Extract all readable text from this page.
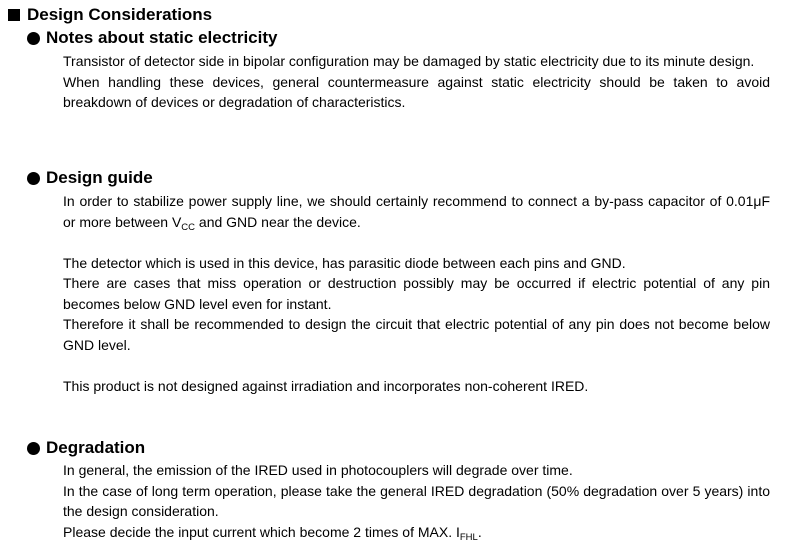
Design Considerations
Notes about static electricity

Transistor of detector side in bipolar configuration may be damaged by static electricity due to its minute design.

When handling these devices, general countermeasure against static electricity should be taken to avoid breakdown of devices or degradation of characteristics.

Design guide

In order to stabilize power supply line, we should certainly recommend to connect a by-pass capacitor of 0.01μF or more between $V_{CC}$ and GND near the device.

The detector which is used in this device, has parasitic diode between each pins and GND.

There are cases that miss operation or destruction possibly may be occurred if electric potential of any pin becomes below GND level even for instant.

Therefore it shall be recommended to design the circuit that electric potential of any pin does not become below GND level.

This product is not designed against irradiation and incorporates non-coherent IRED.

Degradation

In general, the emission of the IRED used in photocouplers will degrade over time.

In the case of long term operation, please take the general IRED degradation (50% degradation over 5 years) into the design consideration.

Please decide the input current which become 2 times of MAX. $I_{FHL}$.
